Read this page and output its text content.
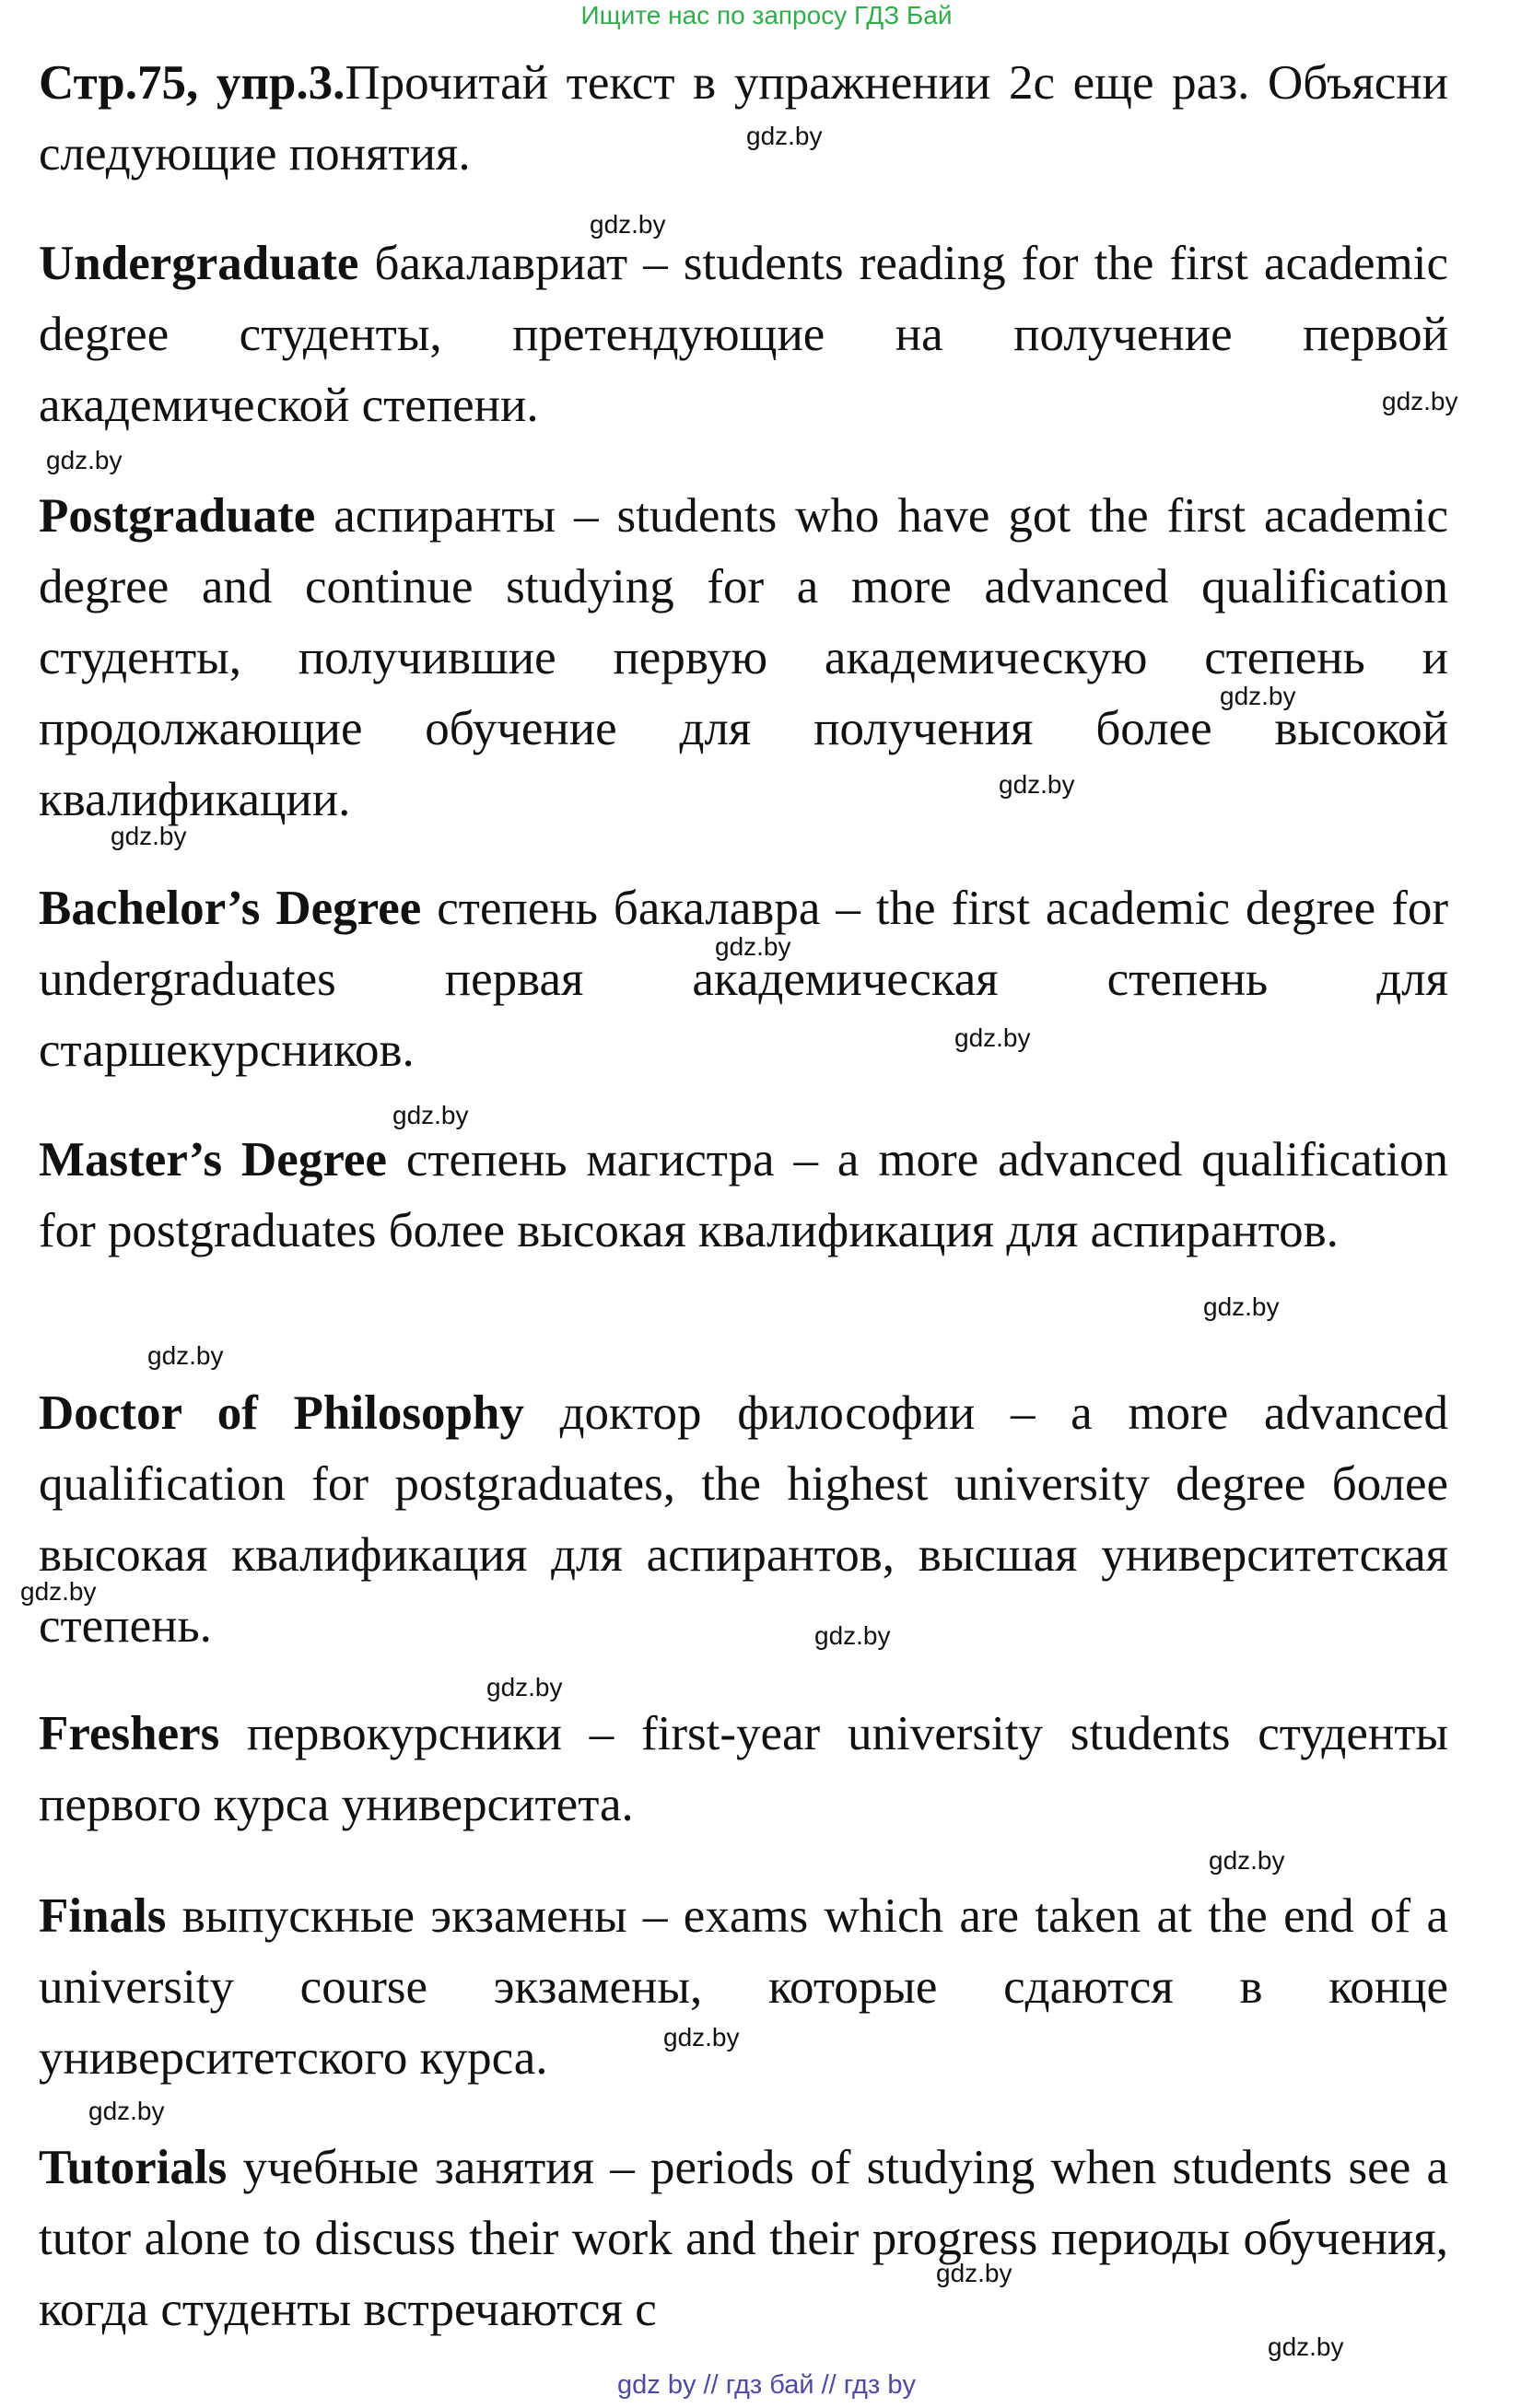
Ищите нас по запросу ГДЗ Бай
Стр.75, упр.3.Прочитай текст в упражнении 2c еще раз. Объясни следующие понятия.
Undergraduate бакалавриат – students reading for the first academic degree студенты, претендующие на получение первой академической степени.
Postgraduate аспиранты – students who have got the first academic degree and continue studying for a more advanced qualification студенты, получившие первую академическую степень и продолжающие обучение для получения более высокой квалификации.
Bachelor’s Degree степень бакалавра – the first academic degree for undergraduates первая академическая степень для старшекурсников.
Master’s Degree степень магистра – a more advanced qualification for postgraduates более высокая квалификация для аспирантов.
Doctor of Philosophy доктор философии – a more advanced qualification for postgraduates, the highest university degree более высокая квалификация для аспирантов, высшая университетская степень.
Freshers первокурсники – first-year university students студенты первого курса университета.
Finals выпускные экзамены – exams which are taken at the end of a university course экзамены, которые сдаются в конце университетского курса.
Tutorials учебные занятия – periods of studying when students see a tutor alone to discuss their work and their progress периоды обучения, когда студенты встречаются с
gdz.by
gdz.by
gdz.by
gdz.by
gdz.by
gdz.by
gdz.by
gdz.by
gdz.by
gdz.by
gdz.by
gdz.by
gdz.by
gdz.by
gdz.by
gdz.by
gdz.by
gdz.by
gdz.by
gdz.by
gdz by // гдз бай // гдз by
